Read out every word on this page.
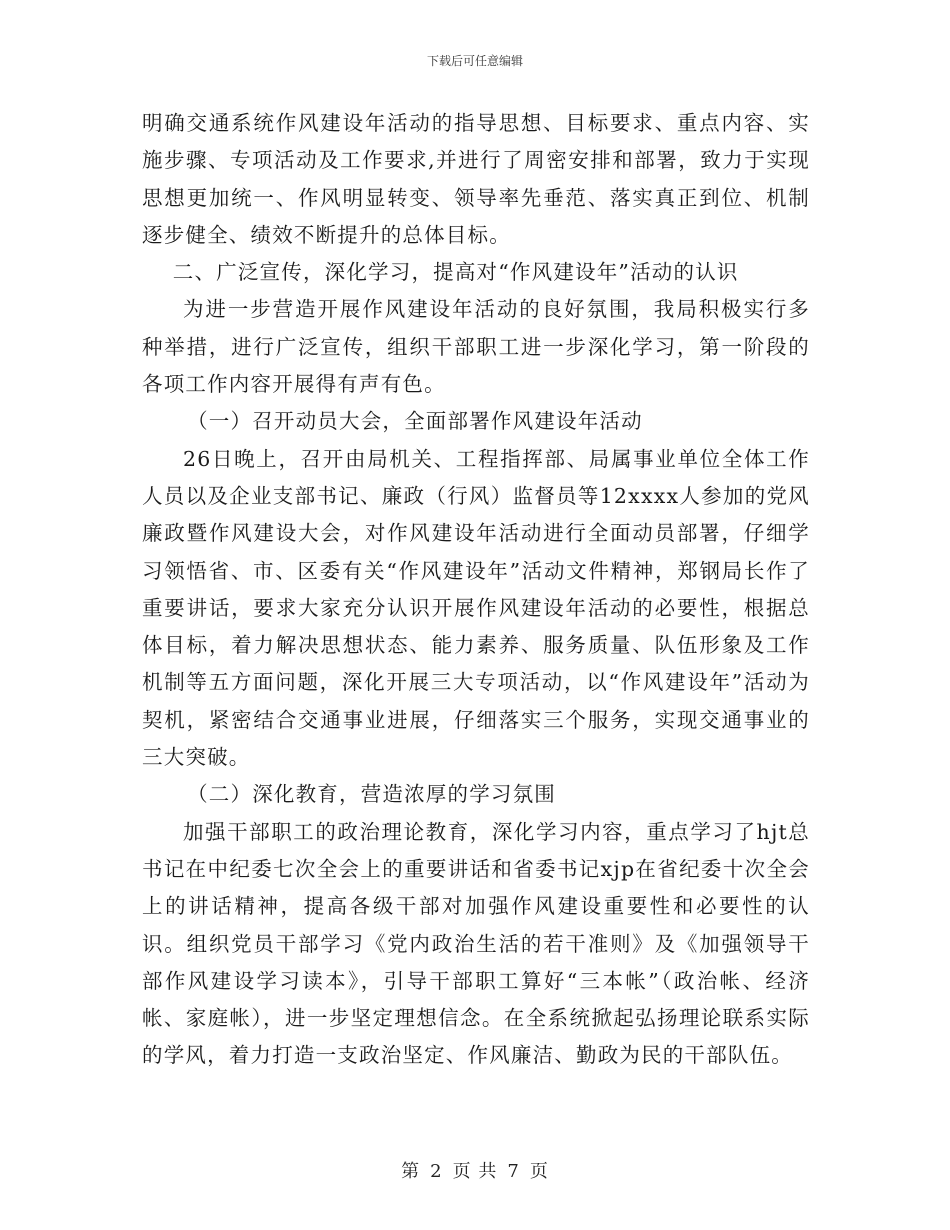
下载后可任意编辑

明确交通系统作风建设年活动的指导思想、目标要求、重点内容、实施步骤、专项活动及工作要求,并进行了周密安排和部署，致力于实现思想更加统一、作风明显转变、领导率先垂范、落实真正到位、机制逐步健全、绩效不断提升的总体目标。

二、广泛宣传，深化学习，提高对“作风建设年”活动的认识

为进一步营造开展作风建设年活动的良好氛围，我局积极实行多种举措，进行广泛宣传，组织干部职工进一步深化学习，第一阶段的各项工作内容开展得有声有色。

（一）召开动员大会，全面部署作风建设年活动

26日晚上，召开由局机关、工程指挥部、局属事业单位全体工作人员以及企业支部书记、廉政（行风）监督员等12xxxx人参加的党风廉政暨作风建设大会，对作风建设年活动进行全面动员部署，仔细学习领悟省、市、区委有关“作风建设年”活动文件精神，郑钢局长作了重要讲话，要求大家充分认识开展作风建设年活动的必要性，根据总体目标，着力解决思想状态、能力素养、服务质量、队伍形象及工作机制等五方面问题，深化开展三大专项活动，以“作风建设年”活动为契机，紧密结合交通事业进展，仔细落实三个服务，实现交通事业的三大突破。

（二）深化教育，营造浓厚的学习氛围

加强干部职工的政治理论教育，深化学习内容，重点学习了hjt总书记在中纪委七次全会上的重要讲话和省委书记xjp在省纪委十次全会上的讲话精神，提高各级干部对加强作风建设重要性和必要性的认识。组织党员干部学习《党内政治生活的若干准则》及《加强领导干部作风建设学习读本》，引导干部职工算好“三本帐”（政治帐、经济帐、家庭帐），进一步坚定理想信念。在全系统掀起弘扬理论联系实际的学风，着力打造一支政治坚定、作风廉洁、勤政为民的干部队伍。

第 2 页 共 7 页
